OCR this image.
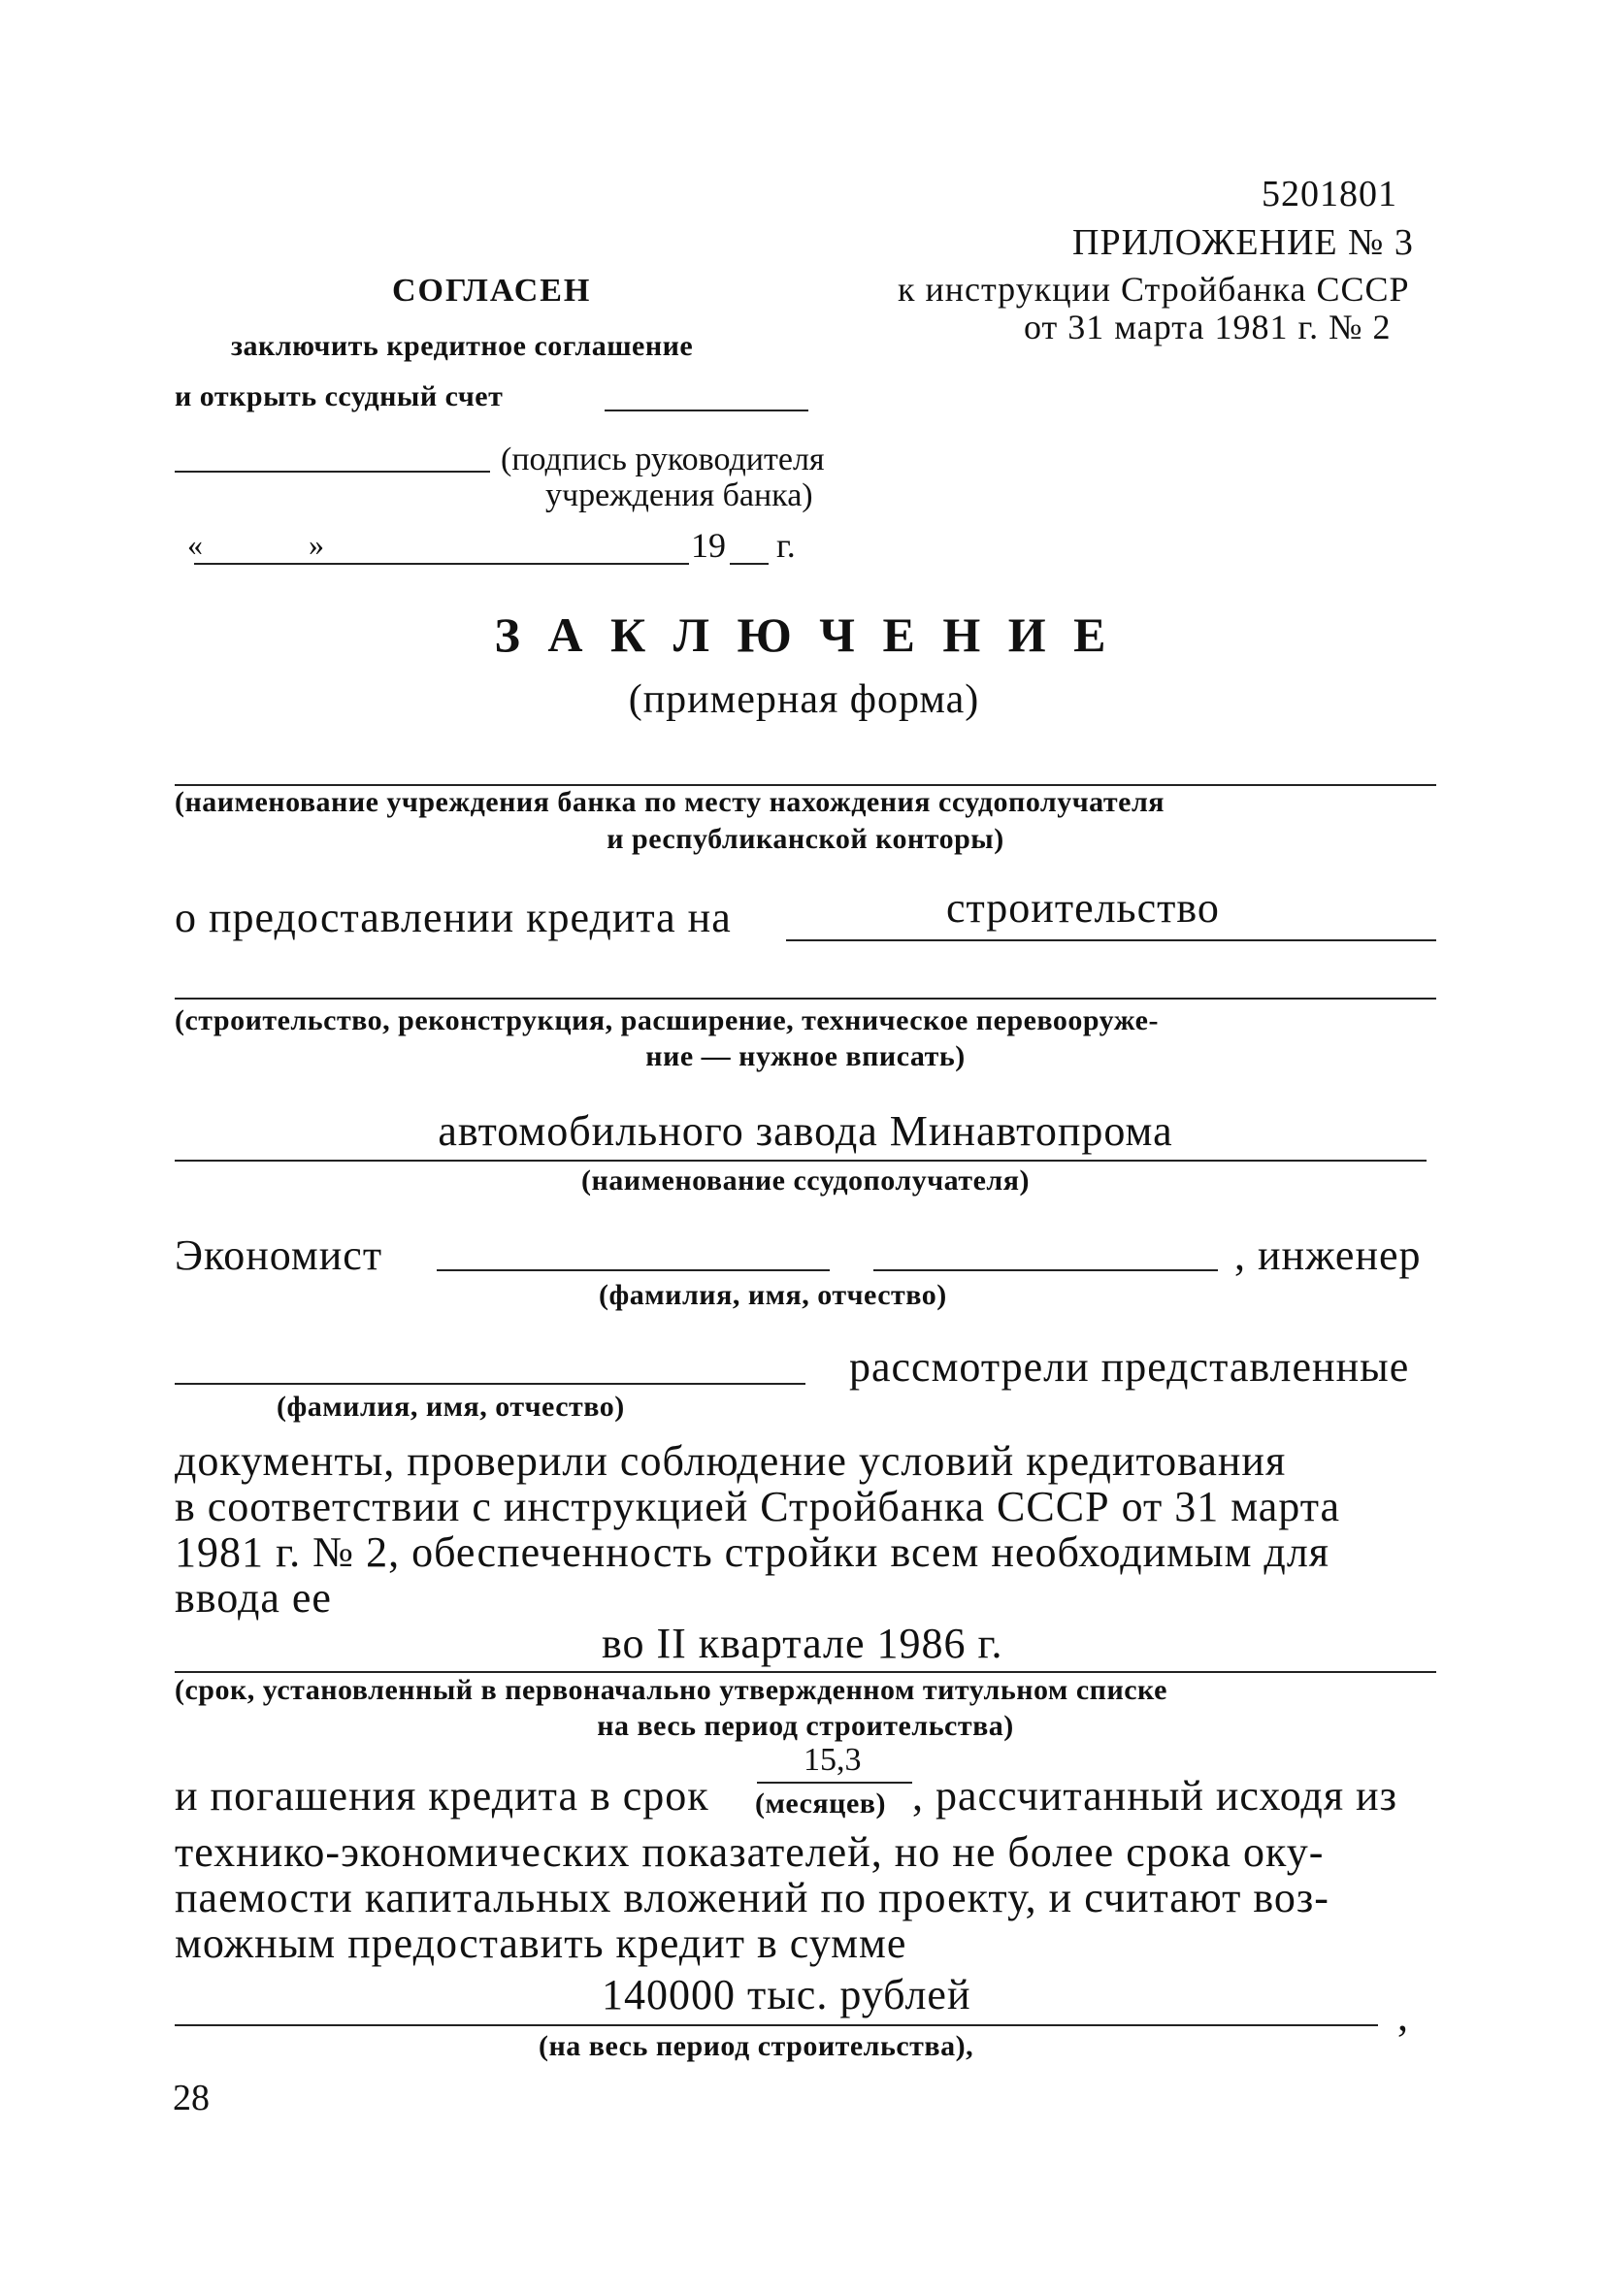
5201801
ПРИЛОЖЕНИЕ № 3
к инструкции Стройбанка СССР
от 31 марта 1981 г. № 2
СОГЛАСЕН
заключить кредитное соглашение
и открыть ссудный счет
(подпись руководителя
учреждения банка)
«	»	19 г.
З А К Л Ю Ч Е Н И Е
(примерная форма)
(наименование учреждения банка по месту нахождения ссудополучателя
и республиканской конторы)
о предоставлении кредита на	строительство
(строительство, реконструкция, расширение, техническое перевооруже-
ние — нужное вписать)
автомобильного завода Минавтопрома
(наименование ссудополучателя)
Экономист	, инженер
(фамилия, имя, отчество)
рассмотрели представленные
(фамилия, имя, отчество)
документы, проверили соблюдение условий кредитования
в соответствии с инструкцией Стройбанка СССР от 31 марта
1981 г. № 2, обеспеченность стройки всем необходимым для
ввода ее
во II квартале 1986 г.
(срок, установленный в первоначально утвержденном титульном списке
на весь период строительства)
и погашения кредита в срок
15,3
(месяцев) , рассчитанный исходя из
технико-экономических показателей, но не более срока оку-
паемости капитальных вложений по проекту, и считают воз-
можным предоставить кредит в сумме
140000 тыс. рублей	,
(на весь период строительства),
28
